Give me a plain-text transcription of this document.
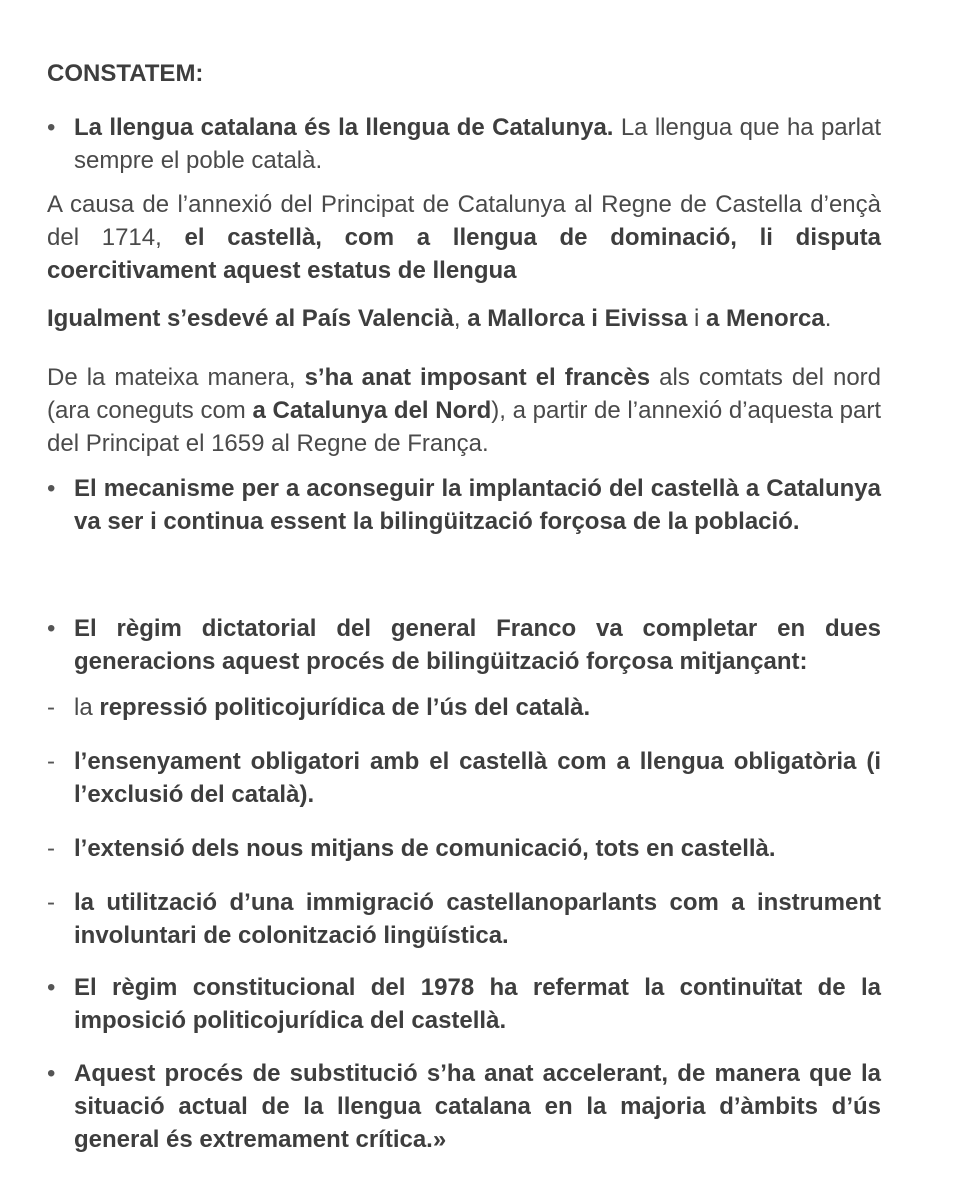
CONSTATEM:

• La llengua catalana és la llengua de Catalunya. La llengua que ha parlat sempre el poble català.

A causa de l’annexió del Principat de Catalunya al Regne de Castella d’ençà del 1714, el castellà, com a llengua de dominació, li disputa coercitivament aquest estatus de llengua

Igualment s’esdevé al País Valencià, a Mallorca i Eivissa i a Menorca.

De la mateixa manera, s’ha anat imposant el francès als comtats del nord (ara coneguts com a Catalunya del Nord), a partir de l’annexió d’aquesta part del Principat el 1659 al Regne de França.

• El mecanisme per a aconseguir la implantació del castellà a Catalunya va ser i continua essent la bilingüització forçosa de la població.

• El règim dictatorial del general Franco va completar en dues generacions aquest procés de bilingüització forçosa mitjançant:

- la repressió politicojurídica de l’ús del català.

- l’ensenyament obligatori amb el castellà com a llengua obligatòria (i l’exclusió del català).

- l’extensió dels nous mitjans de comunicació, tots en castellà.

- la utilització d’una immigració castellanoparlants com a instrument involuntari de colonització lingüística.

• El règim constitucional del 1978 ha refermat la continuïtat de la imposició politicojurídica del castellà.

• Aquest procés de substitució s’ha anat accelerant, de manera que la situació actual de la llengua catalana en la majoria d’àmbits d’ús general és extremament crítica.»
